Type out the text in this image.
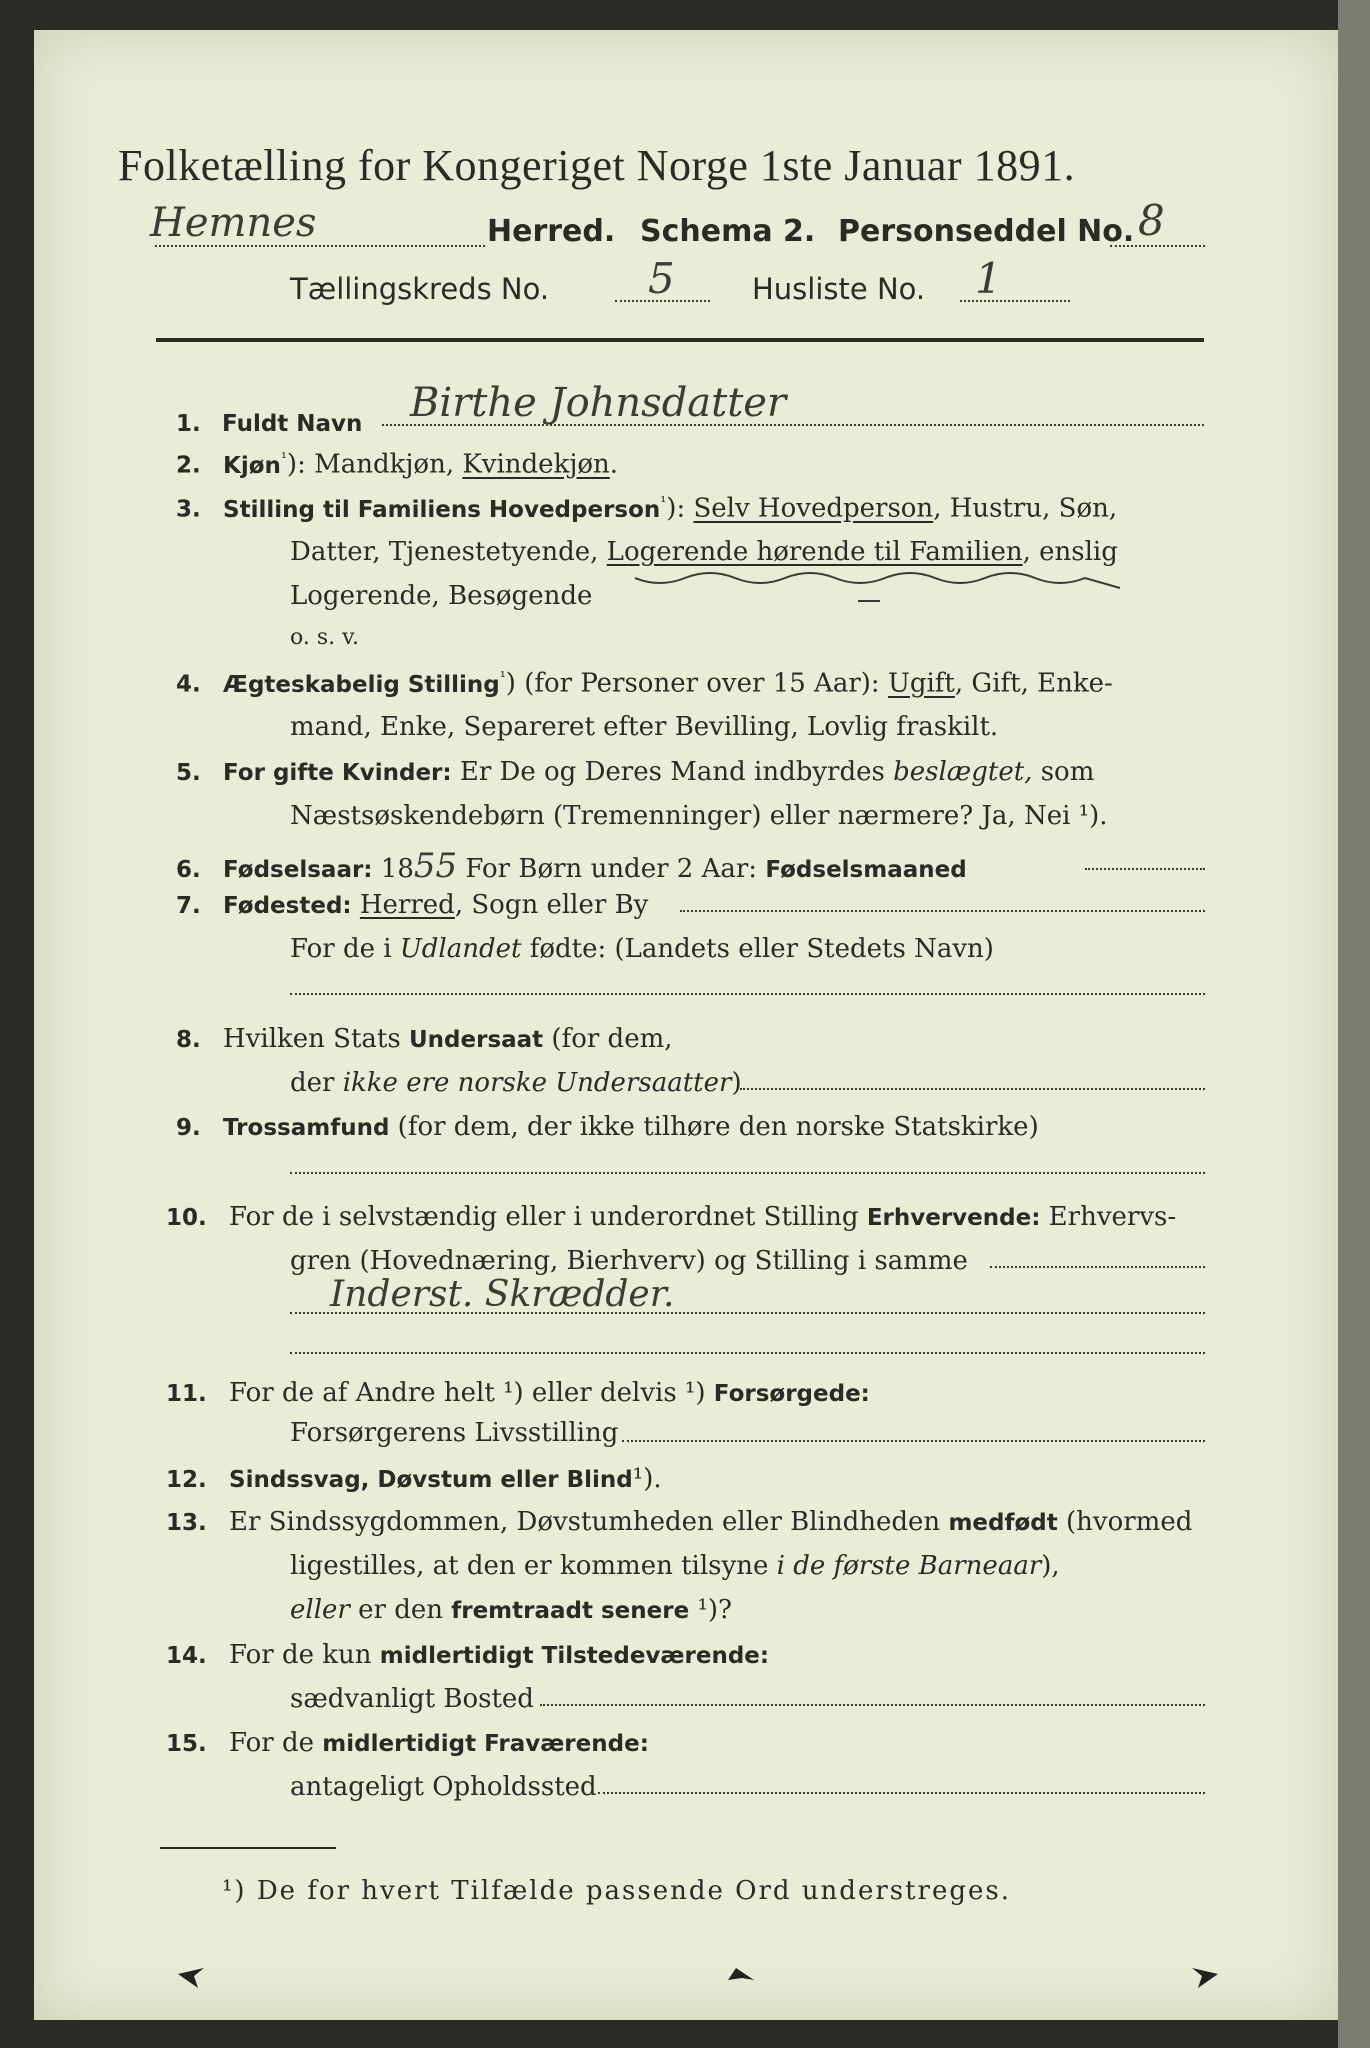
Folketælling for Kongeriget Norge 1ste Januar 1891.
Hemnes	Herred. Schema 2. Personseddel No. 8
Tællingskreds No. 5	Husliste No. 1
1. Fuldt Navn Birthe Johnsdatter
2. Kjøn$^{^1}$): Mandkjøn, Kvindekjøn.
3. Stilling til Familiens Hovedperson$^{^1}$): Selv Hovedperson, Hustru, Søn,
Datter, Tjenestetyende, Logerende hørende til Familien, enslig
Logerende, Besøgende
o. s. v.
4. Ægteskabelig Stilling$^{^1}$) (for Personer over 15 Aar): Ugift, Gift, Enke-
mand, Enke, Separeret efter Bevilling, Lovlig fraskilt.
5. For gifte Kvinder: Er De og Deres Mand indbyrdes beslægtet, som
Næstsøskendebørn (Tremenninger) eller nærmere? Ja, Nei ¹).
6. Fødselsaar: 1855 For Børn under 2 Aar: Fødselsmaaned
7. Fødested: Herred, Sogn eller By
For de i Udlandet fødte: (Landets eller Stedets Navn)
8. Hvilken Stats Undersaat (for dem,
der ikke ere norske Undersaatter)
9. Trossamfund (for dem, der ikke tilhøre den norske Statskirke)
10. For de i selvstændig eller i underordnet Stilling Erhvervende: Erhvervs-
gren (Hovednæring, Bierhverv) og Stilling i samme
Inderst. Skrædder.
11. For de af Andre helt ¹) eller delvis ¹) Forsørgede:
Forsørgerens Livsstilling
12. Sindssvag, Døvstum eller Blind¹).
13. Er Sindssygdommen, Døvstumheden eller Blindheden medfødt (hvormed
ligestilles, at den er kommen tilsyne i de første Barneaar),
eller er den fremtraadt senere ¹)?
14. For de kun midlertidigt Tilstedeværende:
sædvanligt Bosted
15. For de midlertidigt Fraværende:
antageligt Opholdssted
¹) De for hvert Tilfælde passende Ord understreges.
